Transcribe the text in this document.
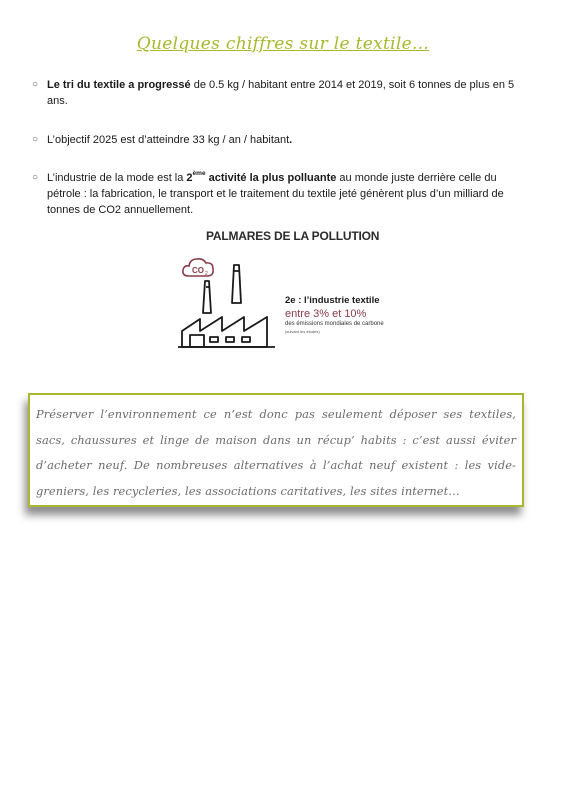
Quelques chiffres sur le textile…
○ Le tri du textile a progressé de 0.5 kg / habitant entre 2014 et 2019, soit 6 tonnes de plus en 5 ans.
○ L’objectif 2025 est d’atteindre 33 kg / an / habitant.
○ L’industrie de la mode est la 2ème activité la plus polluante au monde juste derrière celle du pétrole : la fabrication, le transport et le traitement du textile jeté génèrent plus d’un milliard de tonnes de CO2 annuellement.
PALMARES DE LA POLLUTION
CO 2
2e : l’industrie textile
entre 3% et 10%
des émissions mondiales de carbone
(suivant les études)

Préserver l’environnement ce n’est donc pas seulement déposer ses textiles, sacs, chaussures et linge de maison dans un récup’ habits : c’est aussi éviter d’acheter neuf. De nombreuses alternatives à l’achat neuf existent : les vide-greniers, les recycleries, les associations caritatives, les sites internet…
